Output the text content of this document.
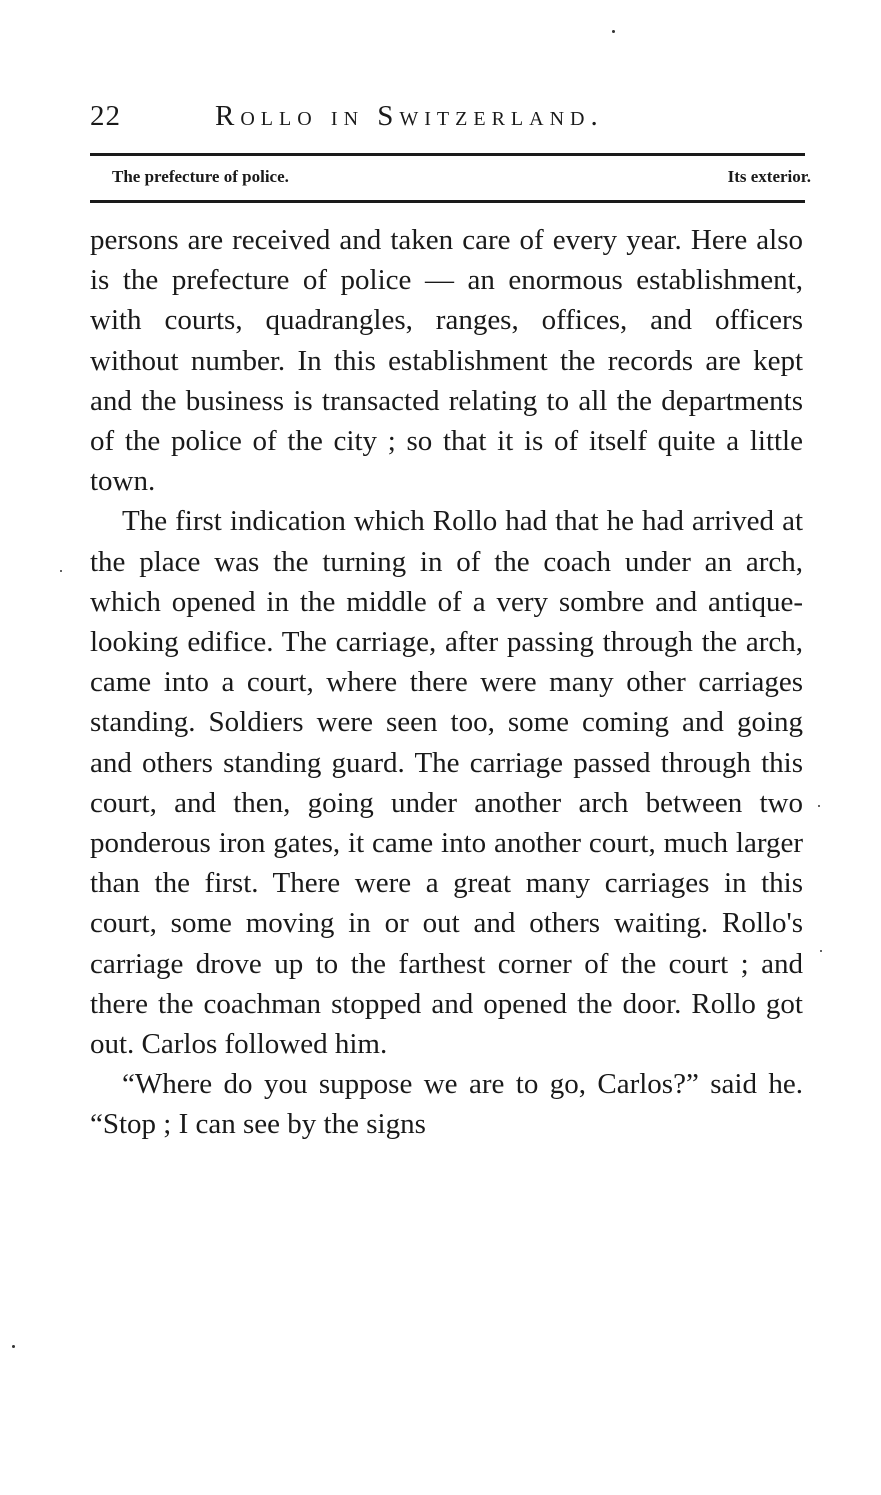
22	Rollo in Switzerland.
The prefecture of police.	Its exterior.

persons are received and taken care of every year. Here also is the prefecture of police — an enormous establishment, with courts, quadrangles, ranges, offices, and officers without number. In this establishment the records are kept and the business is transacted relating to all the departments of the police of the city ; so that it is of itself quite a little town.

The first indication which Rollo had that he had arrived at the place was the turning in of the coach under an arch, which opened in the middle of a very sombre and antique-looking edifice. The carriage, after passing through the arch, came into a court, where there were many other carriages standing. Soldiers were seen too, some coming and going and others standing guard. The carriage passed through this court, and then, going under another arch between two ponderous iron gates, it came into another court, much larger than the first. There were a great many carriages in this court, some moving in or out and others waiting. Rollo's carriage drove up to the farthest corner of the court ; and there the coachman stopped and opened the door. Rollo got out. Carlos followed him.

“Where do you suppose we are to go, Carlos?” said he. “Stop ; I can see by the signs
